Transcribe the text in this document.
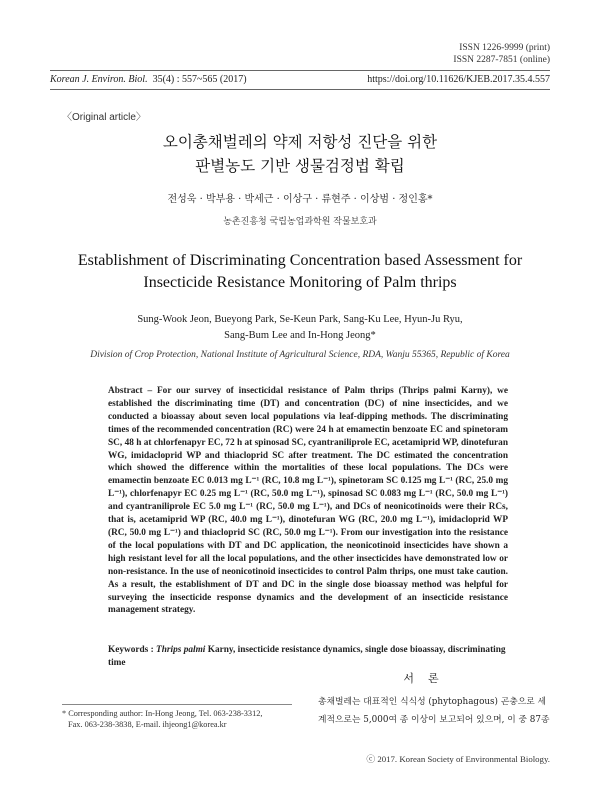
ISSN 1226-9999 (print)
ISSN 2287-7851 (online)
Korean J. Environ. Biol. 35(4) : 557~565 (2017)	https://doi.org/10.11626/KJEB.2017.35.4.557
〈Original article〉
오이총채벌레의 약제 저항성 진단을 위한
판별농도 기반 생물검정법 확립
전성욱 · 박부용 · 박세근 · 이상구 · 류현주 · 이상범 · 정인홍*
농촌진흥청 국립농업과학원 작물보호과
Establishment of Discriminating Concentration based Assessment for
Insecticide Resistance Monitoring of Palm thrips
Sung-Wook Jeon, Bueyong Park, Se-Keun Park, Sang-Ku Lee, Hyun-Ju Ryu,
Sang-Bum Lee and In-Hong Jeong*
Division of Crop Protection, National Institute of Agricultural Science, RDA, Wanju 55365, Republic of Korea
Abstract – For our survey of insecticidal resistance of Palm thrips (Thrips palmi Karny), we established the discriminating time (DT) and concentration (DC) of nine insecticides, and we conducted a bioassay about seven local populations via leaf-dipping methods. The discriminating times of the recommended concentration (RC) were 24 h at emamectin benzoate EC and spinetoram SC, 48 h at chlorfenapyr EC, 72 h at spinosad SC, cyantraniliprole EC, acetamiprid WP, dinotefuran WG, imidacloprid WP and thiacloprid SC after treatment. The DC estimated the concentration which showed the difference within the mortalities of these local populations. The DCs were emamectin benzoate EC 0.013 mg L⁻¹ (RC, 10.8 mg L⁻¹), spinetoram SC 0.125 mg L⁻¹ (RC, 25.0 mg L⁻¹), chlorfenapyr EC 0.25 mg L⁻¹ (RC, 50.0 mg L⁻¹), spinosad SC 0.083 mg L⁻¹ (RC, 50.0 mg L⁻¹) and cyantraniliprole EC 5.0 mg L⁻¹ (RC, 50.0 mg L⁻¹), and DCs of neonicotinoids were their RCs, that is, acetamiprid WP (RC, 40.0 mg L⁻¹), dinotefuran WG (RC, 20.0 mg L⁻¹), imidacloprid WP (RC, 50.0 mg L⁻¹) and thiacloprid SC (RC, 50.0 mg L⁻¹). From our investigation into the resistance of the local populations with DT and DC application, the neonicotinoid insecticides have shown a high resistant level for all the local populations, and the other insecticides have demonstrated low or non-resistance. In the use of neonicotinoid insecticides to control Palm thrips, one must take caution. As a result, the establishment of DT and DC in the single dose bioassay method was helpful for surveying the insecticide response dynamics and the development of an insecticide resistance management strategy.
Keywords : Thrips palmi Karny, insecticide resistance dynamics, single dose bioassay, discriminating time
* Corresponding author: In-Hong Jeong, Tel. 063-238-3312,
Fax. 063-238-3838, E-mail. ihjeong1@korea.kr
서론
총채벌레는 대표적인 식식성 (phytophagous) 곤충으로 세
계적으로는 5,000여 종 이상이 보고되어 있으며, 이 중 87종
ⓒ 2017. Korean Society of Environmental Biology.
